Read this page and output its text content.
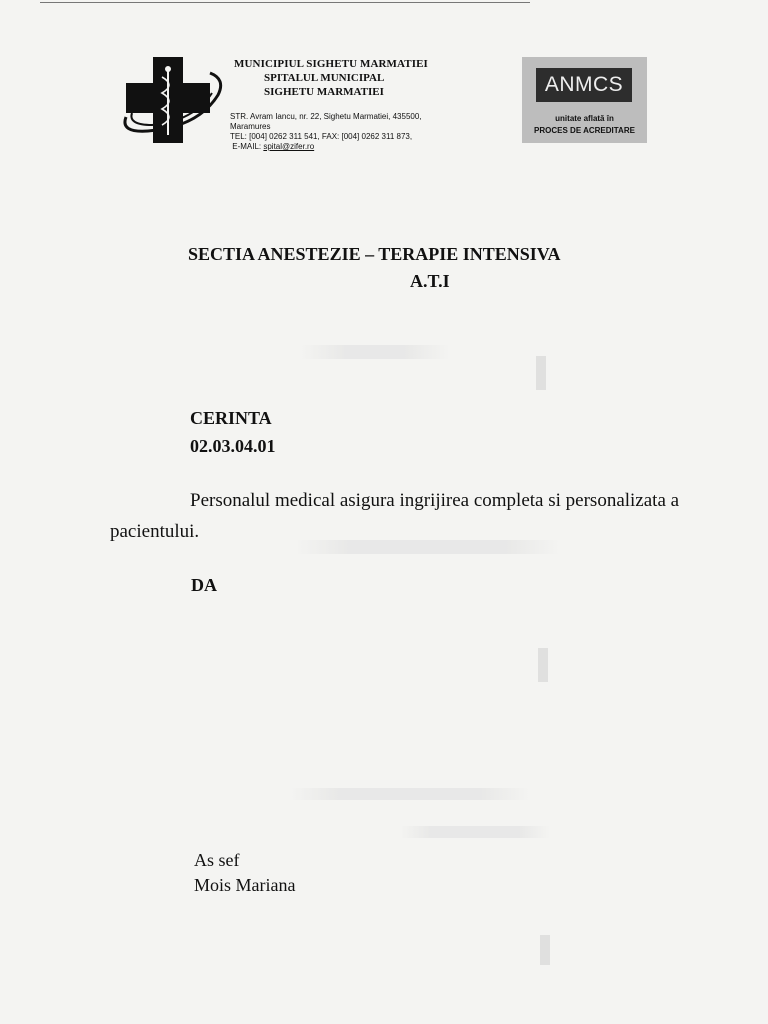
MUNICIPIUL SIGHETU MARMATIEI
SPITALUL MUNICIPAL
SIGHETU MARMATIEI
STR. Avram Iancu, nr. 22, Sighetu Marmatiei, 435500,
Maramures
TEL: [004] 0262 311 541, FAX: [004] 0262 311 873,
E-MAIL: spital@zifer.ro
ANMCS
unitate aflată în
PROCES DE ACREDITARE
SECTIA ANESTEZIE – TERAPIE INTENSIVA
A.T.I
CERINTA
02.03.04.01
Personalul medical asigura ingrijirea completa si personalizata a
pacientului.
DA
As sef
Mois Mariana
